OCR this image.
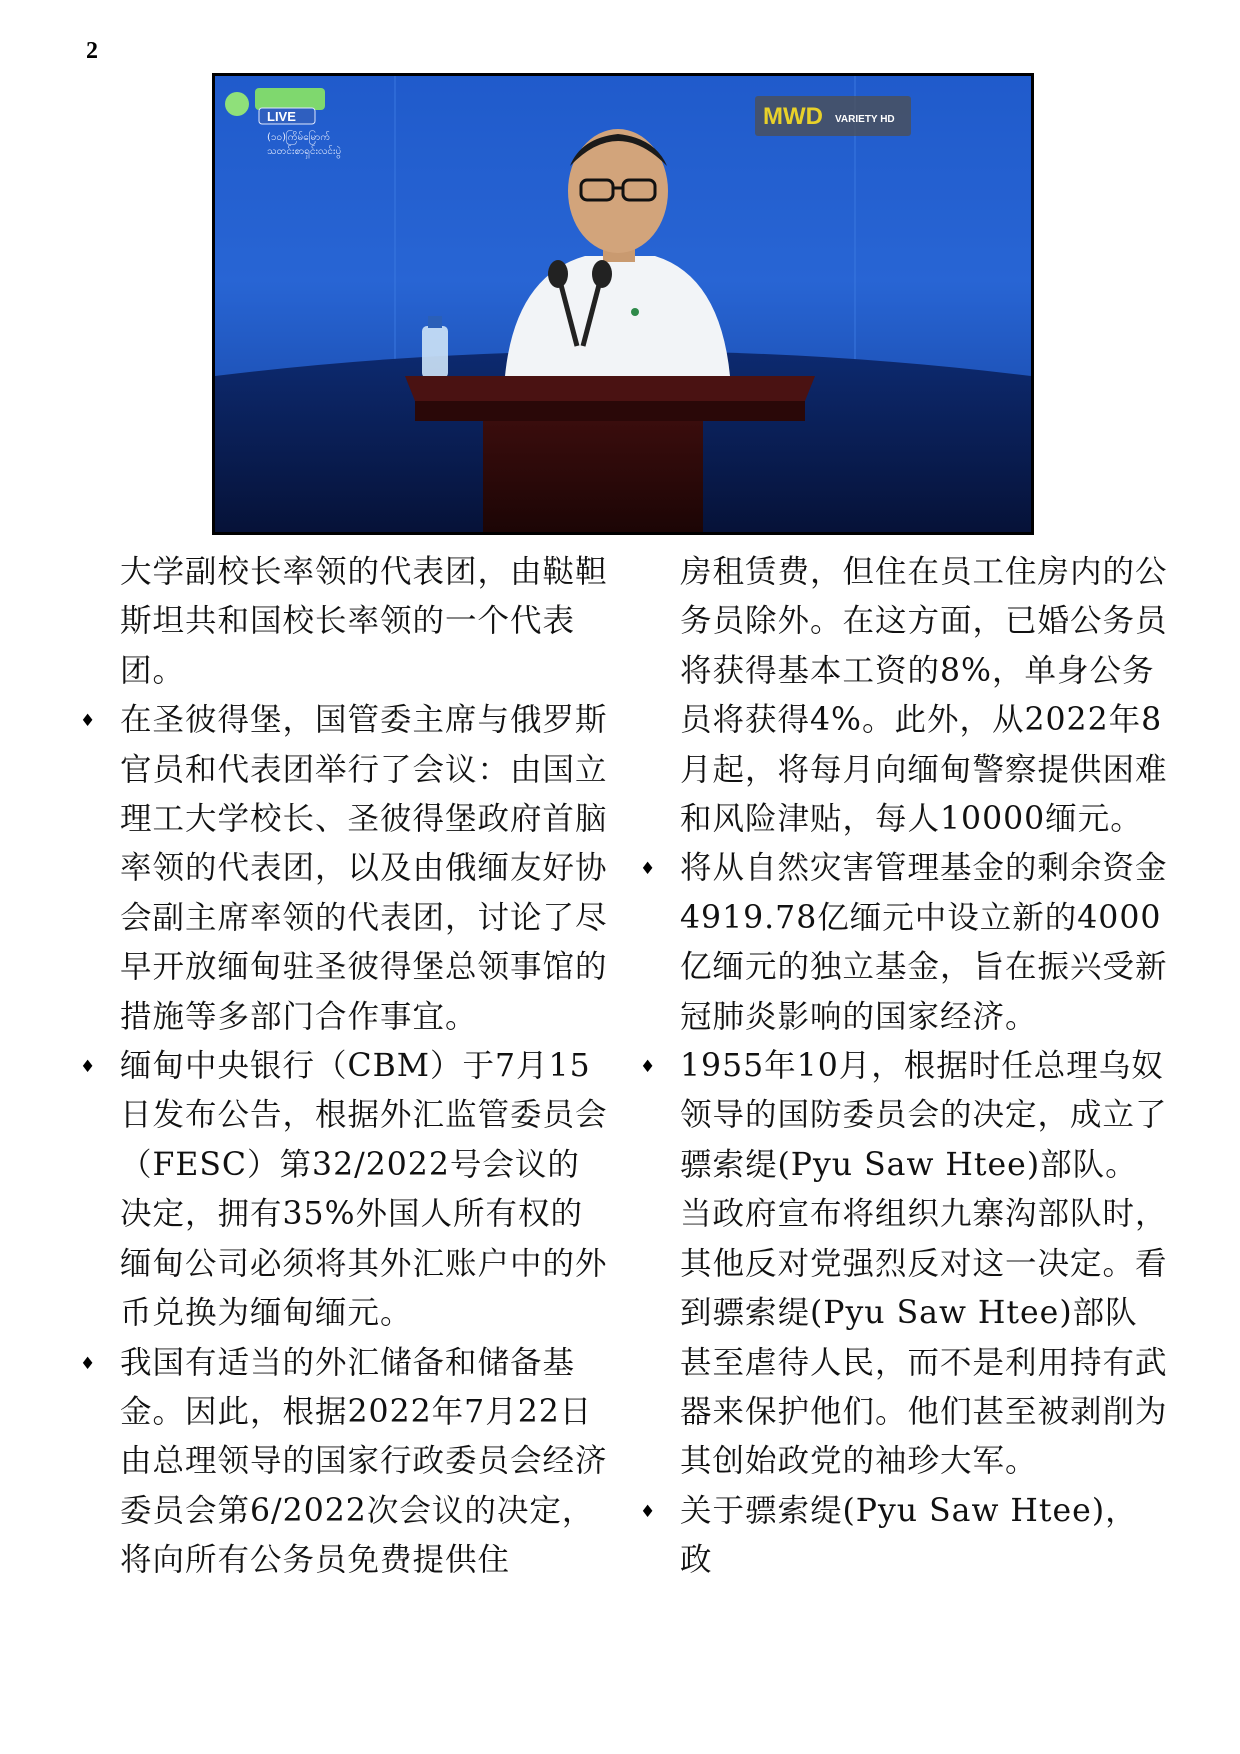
2
LIVE
(၁၀)ကြိမ်မြောက်
သတင်းစာရှင်းလင်းပွဲ
MWD VARIETY HD

大学副校长率领的代表团，由鞑靼斯坦共和国校长率领的一个代表团。

♦ 在圣彼得堡，国管委主席与俄罗斯官员和代表团举行了会议：由国立理工大学校长、圣彼得堡政府首脑率领的代表团，以及由俄缅友好协会副主席率领的代表团，讨论了尽早开放缅甸驻圣彼得堡总领事馆的措施等多部门合作事宜。
♦ 缅甸中央银行（CBM）于7月15日发布公告，根据外汇监管委员会（FESC）第32/2022号会议的决定，拥有35%外国人所有权的缅甸公司必须将其外汇账户中的外币兑换为缅甸缅元。
♦ 我国有适当的外汇储备和储备基金。因此，根据2022年7月22日由总理领导的国家行政委员会经济委员会第6/2022次会议的决定，将向所有公务员免费提供住

房租赁费，但住在员工住房内的公务员除外。在这方面，已婚公务员将获得基本工资的8%，单身公务员将获得4%。此外，从2022年8月起，将每月向缅甸警察提供困难和风险津贴，每人10000缅元。

♦ 将从自然灾害管理基金的剩余资金4919.78亿缅元中设立新的4000亿缅元的独立基金，旨在振兴受新冠肺炎影响的国家经济。
♦ 1955年10月，根据时任总理乌奴领导的国防委员会的决定，成立了骠索缇(Pyu Saw Htee)部队。当政府宣布将组织九寨沟部队时，其他反对党强烈反对这一决定。看到骠索缇(Pyu Saw Htee)部队甚至虐待人民，而不是利用持有武器来保护他们。他们甚至被剥削为其创始政党的袖珍大军。
♦ 关于骠索缇(Pyu Saw Htee)，政
